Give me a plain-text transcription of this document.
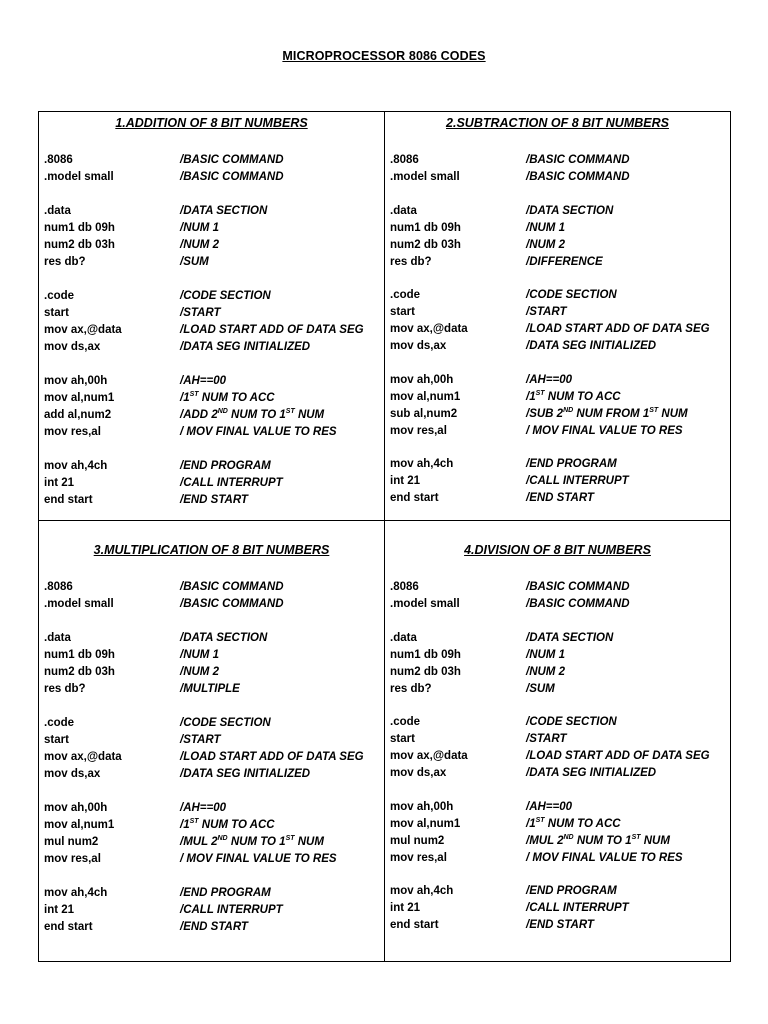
MICROPROCESSOR 8086 CODES
1.ADDITION OF 8 BIT NUMBERS
.8086	/BASIC COMMAND
.model small	/BASIC COMMAND
.data	/DATA SECTION
num1 db 09h	/NUM 1
num2 db 03h	/NUM 2
res db?	/SUM
.code	/CODE SECTION
start	/START
mov ax,@data	/LOAD START ADD OF DATA SEG
mov ds,ax	/DATA SEG INITIALIZED
mov ah,00h	/AH==00
mov al,num1	/1ST NUM TO ACC
add al,num2	/ADD 2ND NUM TO 1ST NUM
mov res,al	/ MOV FINAL VALUE TO RES
mov ah,4ch	/END PROGRAM
int 21	/CALL INTERRUPT
end start	/END START
2.SUBTRACTION OF 8 BIT NUMBERS
.8086	/BASIC COMMAND
.model small	/BASIC COMMAND
.data	/DATA SECTION
num1 db 09h	/NUM 1
num2 db 03h	/NUM 2
res db?	/DIFFERENCE
.code	/CODE SECTION
start	/START
mov ax,@data	/LOAD START ADD OF DATA SEG
mov ds,ax	/DATA SEG INITIALIZED
mov ah,00h	/AH==00
mov al,num1	/1ST NUM TO ACC
sub al,num2	/SUB 2ND NUM FROM 1ST NUM
mov res,al	/ MOV FINAL VALUE TO RES
mov ah,4ch	/END PROGRAM
int 21	/CALL INTERRUPT
end start	/END START
3.MULTIPLICATION OF 8 BIT NUMBERS
.8086	/BASIC COMMAND
.model small	/BASIC COMMAND
.data	/DATA SECTION
num1 db 09h	/NUM 1
num2 db 03h	/NUM 2
res db?	/MULTIPLE
.code	/CODE SECTION
start	/START
mov ax,@data	/LOAD START ADD OF DATA SEG
mov ds,ax	/DATA SEG INITIALIZED
mov ah,00h	/AH==00
mov al,num1	/1ST NUM TO ACC
mul num2	/MUL 2ND NUM TO 1ST NUM
mov res,al	/ MOV FINAL VALUE TO RES
mov ah,4ch	/END PROGRAM
int 21	/CALL INTERRUPT
end start	/END START
4.DIVISION OF 8 BIT NUMBERS
.8086	/BASIC COMMAND
.model small	/BASIC COMMAND
.data	/DATA SECTION
num1 db 09h	/NUM 1
num2 db 03h	/NUM 2
res db?	/SUM
.code	/CODE SECTION
start	/START
mov ax,@data	/LOAD START ADD OF DATA SEG
mov ds,ax	/DATA SEG INITIALIZED
mov ah,00h	/AH==00
mov al,num1	/1ST NUM TO ACC
mul num2	/MUL 2ND NUM TO 1ST NUM
mov res,al	/ MOV FINAL VALUE TO RES
mov ah,4ch	/END PROGRAM
int 21	/CALL INTERRUPT
end start	/END START
